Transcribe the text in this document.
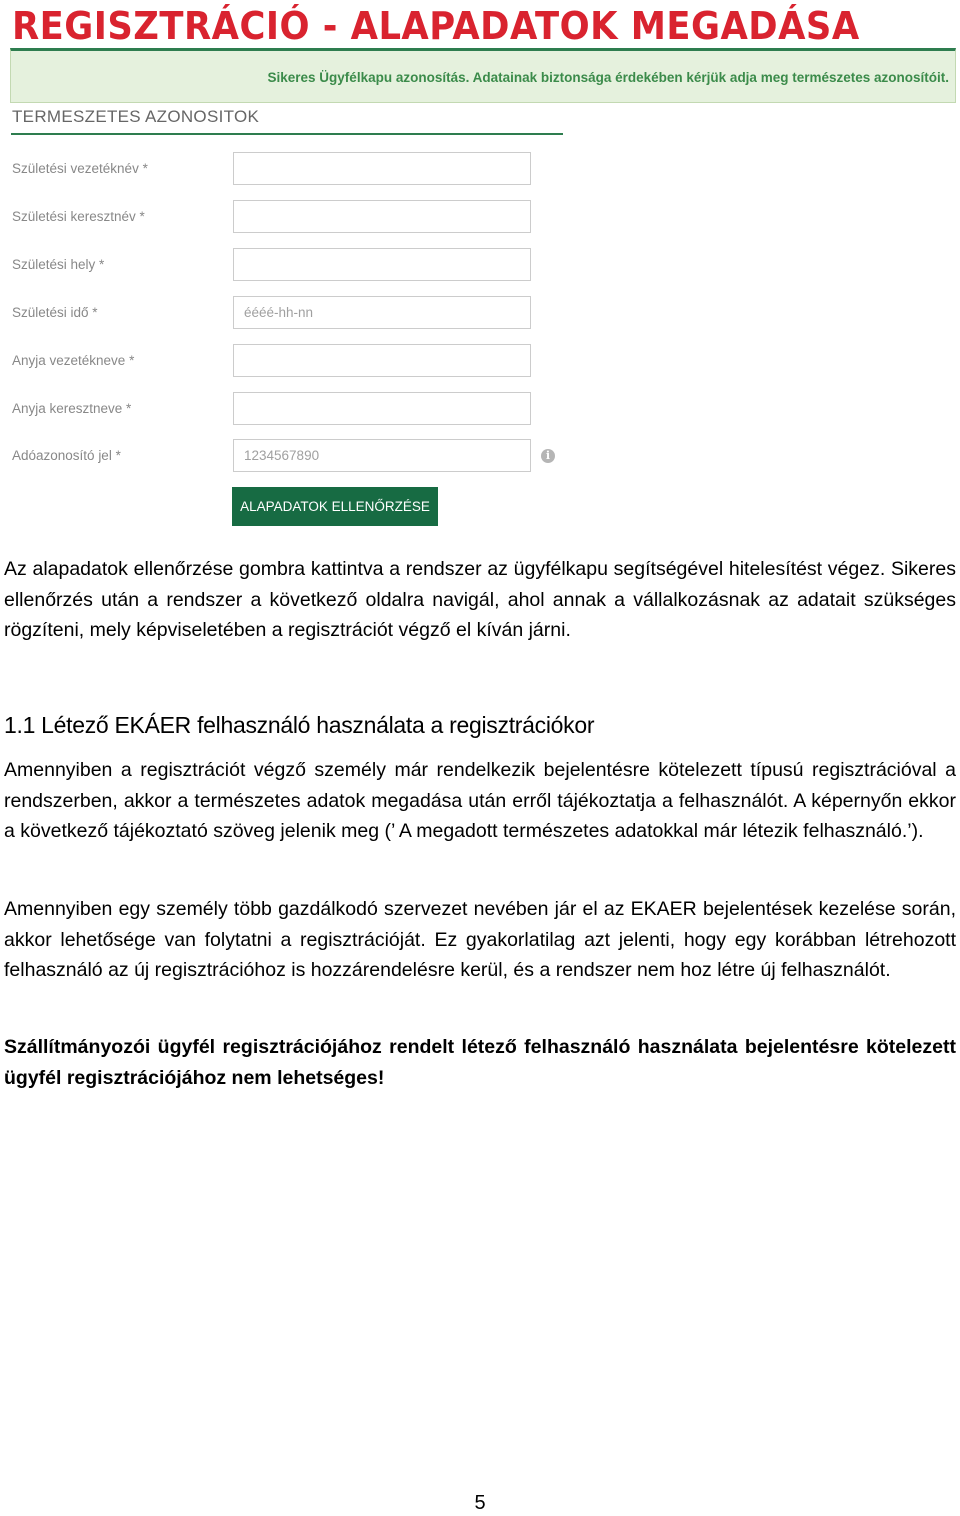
REGISZTRÁCIÓ - ALAPADATOK MEGADÁSA
Sikeres Ügyfélkapu azonosítás. Adatainak biztonsága érdekében kérjük adja meg természetes azonosítóit.
TERMESZETES AZONOSITOK
Születési vezetéknév *
Születési keresztnév *
Születési hely *
Születési idő *
éééé-hh-nn
Anyja vezetékneve *
Anyja keresztneve *
Adóazonosító jel *
1234567890	i
ALAPADATOK ELLENŐRZÉSE

Az alapadatok ellenőrzése gombra kattintva a rendszer az ügyfélkapu segítségével hitelesítést végez. Sikeres ellenőrzés után a rendszer a következő oldalra navigál, ahol annak a vállalkozásnak az adatait szükséges rögzíteni, mely képviseletében a regisztrációt végző el kíván járni.

1.1 Létező EKÁER felhasználó használata a regisztrációkor

Amennyiben a regisztrációt végző személy már rendelkezik bejelentésre kötelezett típusú regisztrációval a rendszerben, akkor a természetes adatok megadása után erről tájékoztatja a felhasználót. A képernyőn ekkor a következő tájékoztató szöveg jelenik meg (’ A megadott természetes adatokkal már létezik felhasználó.’).

Amennyiben egy személy több gazdálkodó szervezet nevében jár el az EKAER bejelentések kezelése során, akkor lehetősége van folytatni a regisztrációját. Ez gyakorlatilag azt jelenti, hogy egy korábban létrehozott felhasználó az új regisztrációhoz is hozzárendelésre kerül, és a rendszer nem hoz létre új felhasználót.

Szállítmányozói ügyfél regisztrációjához rendelt létező felhasználó használata bejelentésre kötelezett ügyfél regisztrációjához nem lehetséges!

5
